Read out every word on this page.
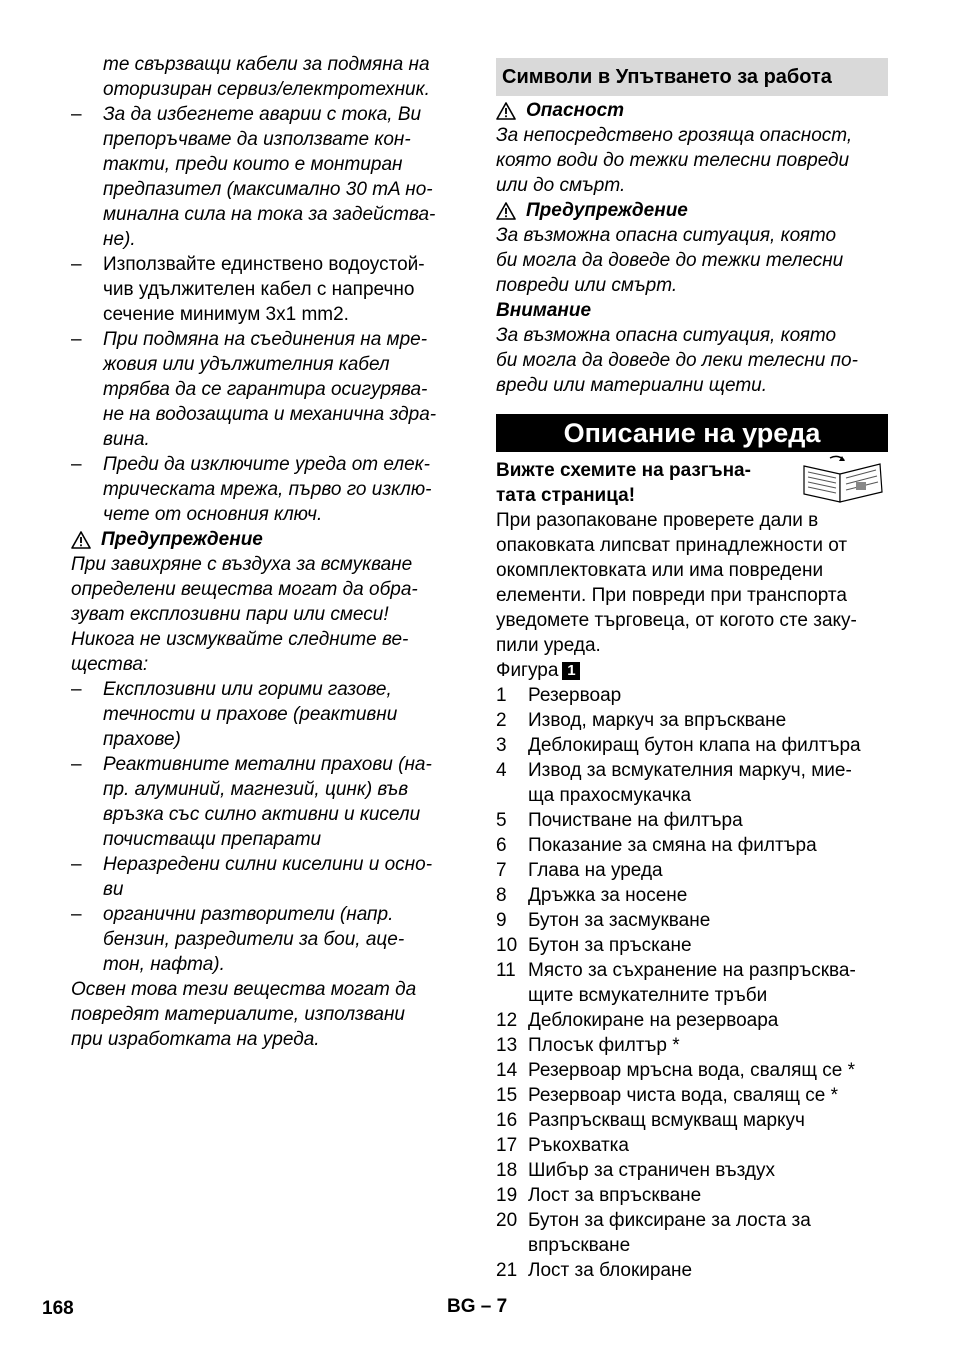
те свързващи кабели за подмяна на
оторизиран сервиз/електротехник.
– За да избегнете аварии с тока, Ви
препоръчваме да използвате кон-
такти, преди които е монтиран
предпазител (максимално 30 mA но-
минална сила на тока за задейства-
не).
– Използвайте единствено водоустой-
чив удължителен кабел с напречно
сечение минимум 3x1 mm2.
– При подмяна на съединения на мре-
жовия или удължителния кабел
трябва да се гарантира осигурява-
не на водозащита и механична здра-
вина.
– Преди да изключите уреда от елек-
трическата мрежа, първо го изклю-
чете от основния ключ.
Предупреждение
При завихряне с въздуха за всмукване
определени вещества могат да обра-
зуват експлозивни пари или смеси!
Никога не изсмуквайте следните ве-
щества:
– Експлозивни или горими газове,
течности и прахове (реактивни
прахове)
– Реактивните метални прахови (на-
пр. алуминий, магнезий, цинк) във
връзка със силно активни и кисели
почистващи препарати
– Неразредени силни киселини и осно-
ви
– органични разтворители (напр.
бензин, разредители за бои, аце-
тон, нафта).
Освен това тези вещества могат да
повредят материалите, използвани
при изработката на уреда.
Символи в Упътването за работа
Опасност
За непосредствено грозяща опасност,
която води до тежки телесни повреди
или до смърт.
Предупреждение
За възможна опасна ситуация, която
би могла да доведе до тежки телесни
повреди или смърт.
Внимание
За възможна опасна ситуация, която
би могла да доведе до леки телесни по-
вреди или материални щети.
Описание на уреда
Вижте схемите на разгъна-
тата страница!
При разопаковане проверете дали в
опаковката липсват принадлежности от
окомплектовката или има повредени
елементи. При повреди при транспорта
уведомете търговеца, от когото сте заку-
пили уреда.
Фигура 1
1 Резервоар
2 Извод, маркуч за впръскване
3 Деблокиращ бутон клапа на филтъра
4 Извод за всмукателния маркуч, мие-
ща прахосмукачка
5 Почистване на филтъра
6 Показание за смяна на филтъра
7 Глава на уреда
8 Дръжка за носене
9 Бутон за засмукване
10 Бутон за пръскане
11 Място за съхранение на разпръсква-
щите всмукателните тръби
12 Деблокиране на резервоара
13 Плосък филтър *
14 Резервоар мръсна вода, свалящ се *
15 Резервоар чиста вода, свалящ се *
16 Разпръскващ всмукващ маркуч
17 Ръкохватка
18 Шибър за страничен въздух
19 Лост за впръскване
20 Бутон за фиксиране за лоста за
впръскване
21 Лост за блокиране
168	BG – 7
